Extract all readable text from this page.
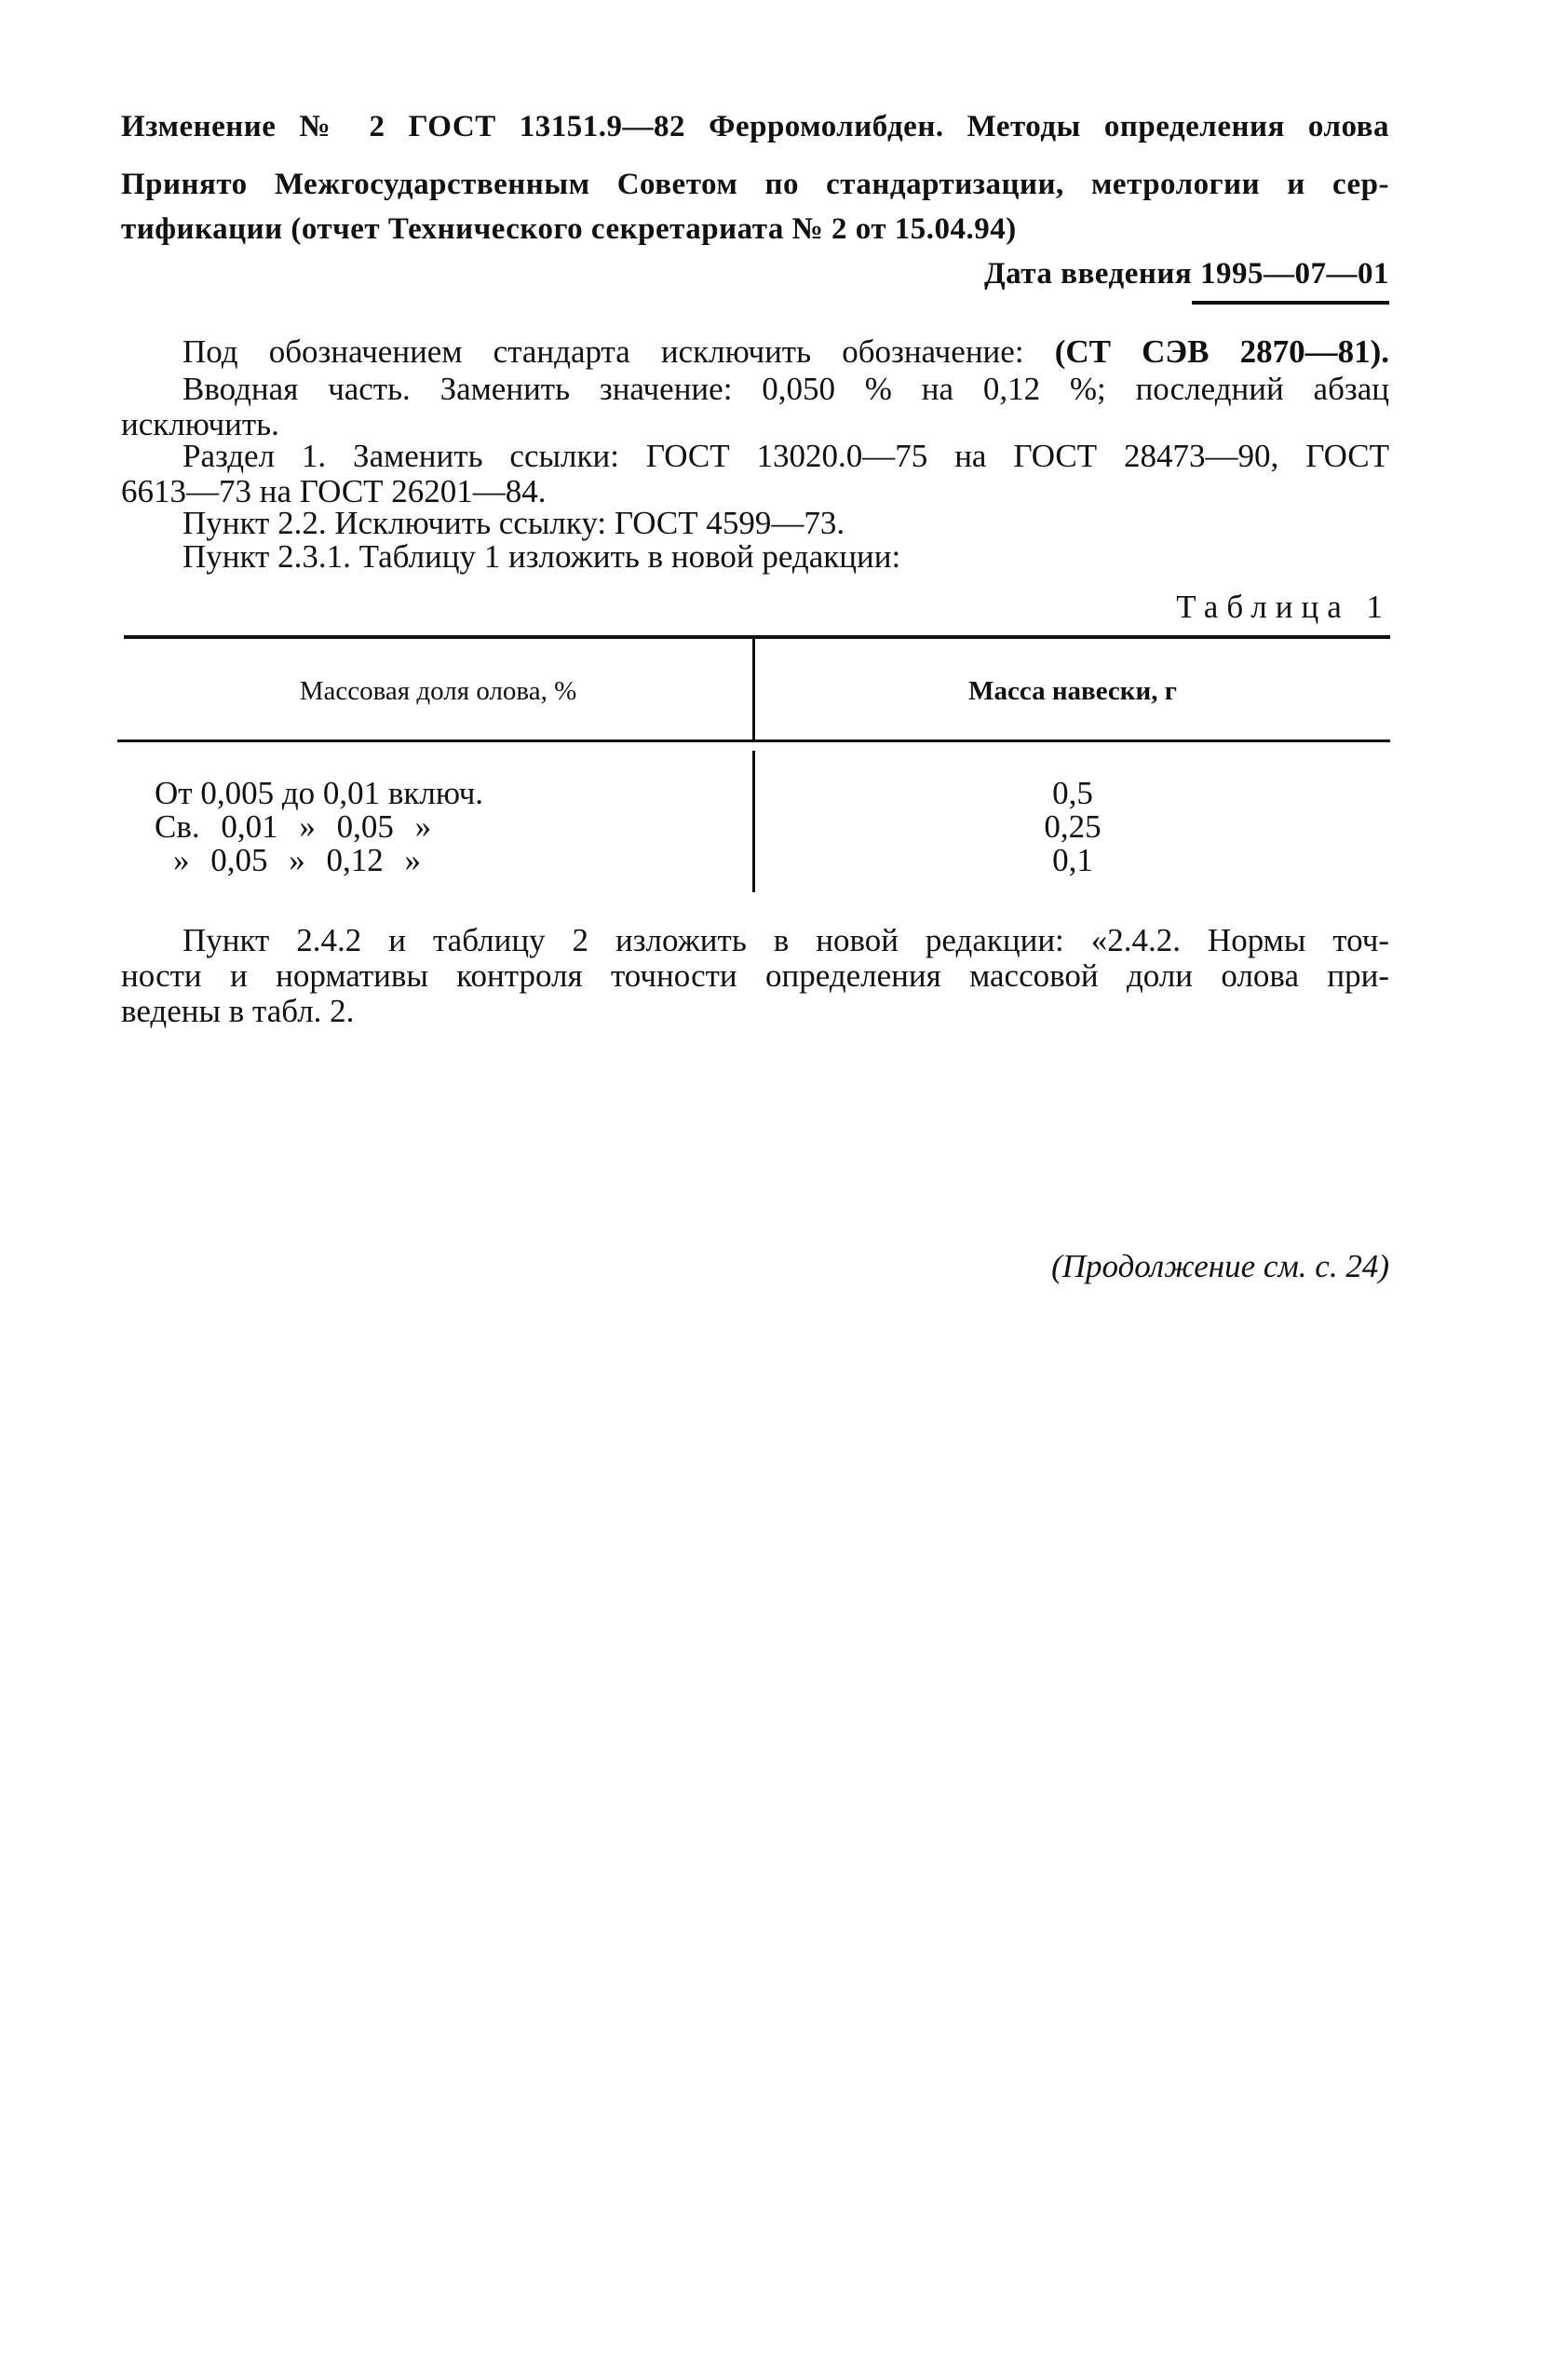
Изменение № 2 ГОСТ 13151.9—82 Ферромолибден. Методы определения олова

Принято Межгосударственным Советом по стандартизации, метрологии и сер-

тификации (отчет Технического секретариата № 2 от 15.04.94)

Дата введения 1995—07—01

Под обозначением стандарта исключить обозначение: (СТ СЭВ 2870—81).

Вводная часть. Заменить значение: 0,050 % на 0,12 %; последний абзац

исключить.

Раздел 1. Заменить ссылки: ГОСТ 13020.0—75 на ГОСТ 28473—90, ГОСТ

6613—73 на ГОСТ 26201—84.

Пункт 2.2. Исключить ссылку: ГОСТ 4599—73.

Пункт 2.3.1. Таблицу 1 изложить в новой редакции:

Таблица 1

Массовая доля олова, %	Масса навески, г
От 0,005 до 0,01 включ.	0,5
Св. 0,01 » 0,05 »	0,25
» 0,05 » 0,12 »	0,1

Пункт 2.4.2 и таблицу 2 изложить в новой редакции: «2.4.2. Нормы точ-

ности и нормативы контроля точности определения массовой доли олова при-

ведены в табл. 2.

(Продолжение см. с. 24)
